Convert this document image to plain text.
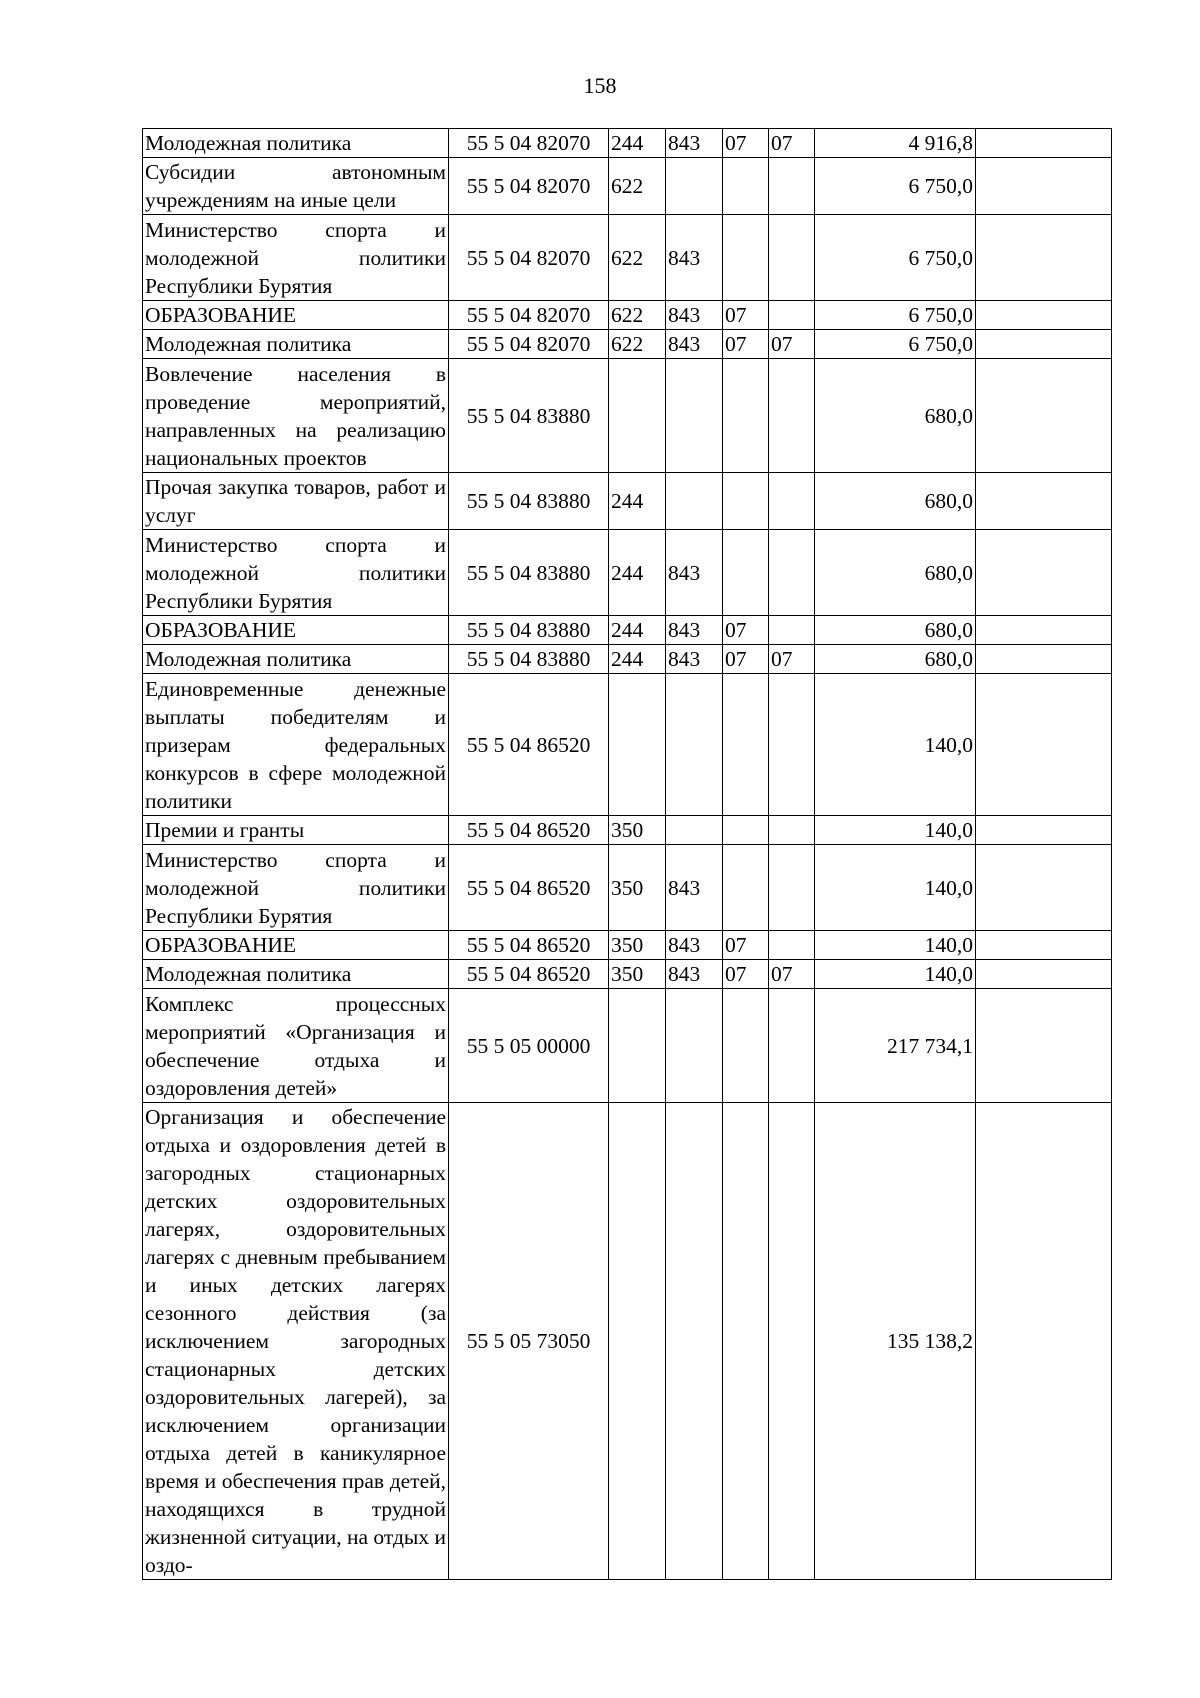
158
Молодежная политика	55 5 04 82070	244	843	07	07	4 916,8	
Субсидии автономным учреждениям на иные цели	55 5 04 82070	622				6 750,0	
Министерство спорта и молодежной политики Республики Бурятия	55 5 04 82070	622	843			6 750,0	
ОБРАЗОВАНИЕ	55 5 04 82070	622	843	07		6 750,0	
Молодежная политика	55 5 04 82070	622	843	07	07	6 750,0	
Вовлечение населения в проведение мероприятий, направленных на реализацию национальных проектов	55 5 04 83880					680,0	
Прочая закупка товаров, работ и услуг	55 5 04 83880	244				680,0	
Министерство спорта и молодежной политики Республики Бурятия	55 5 04 83880	244	843			680,0	
ОБРАЗОВАНИЕ	55 5 04 83880	244	843	07		680,0	
Молодежная политика	55 5 04 83880	244	843	07	07	680,0	
Единовременные денежные выплаты победителям и призерам федеральных конкурсов в сфере молодежной политики	55 5 04 86520					140,0	
Премии и гранты	55 5 04 86520	350				140,0	
Министерство спорта и молодежной политики Республики Бурятия	55 5 04 86520	350	843			140,0	
ОБРАЗОВАНИЕ	55 5 04 86520	350	843	07		140,0	
Молодежная политика	55 5 04 86520	350	843	07	07	140,0	
Комплекс процессных мероприятий «Организация и обеспечение отдыха и оздоровления детей»	55 5 05 00000					217 734,1	
Организация и обеспечение отдыха и оздоровления детей в загородных стационарных детских оздоровительных лагерях, оздоровительных лагерях с дневным пребыванием и иных детских лагерях сезонного действия (за исключением загородных стационарных детских оздоровительных лагерей), за исключением организации отдыха детей в каникулярное время и обеспечения прав детей, находящихся в трудной жизненной ситуации, на отдых и оздо-	55 5 05 73050					135 138,2	
